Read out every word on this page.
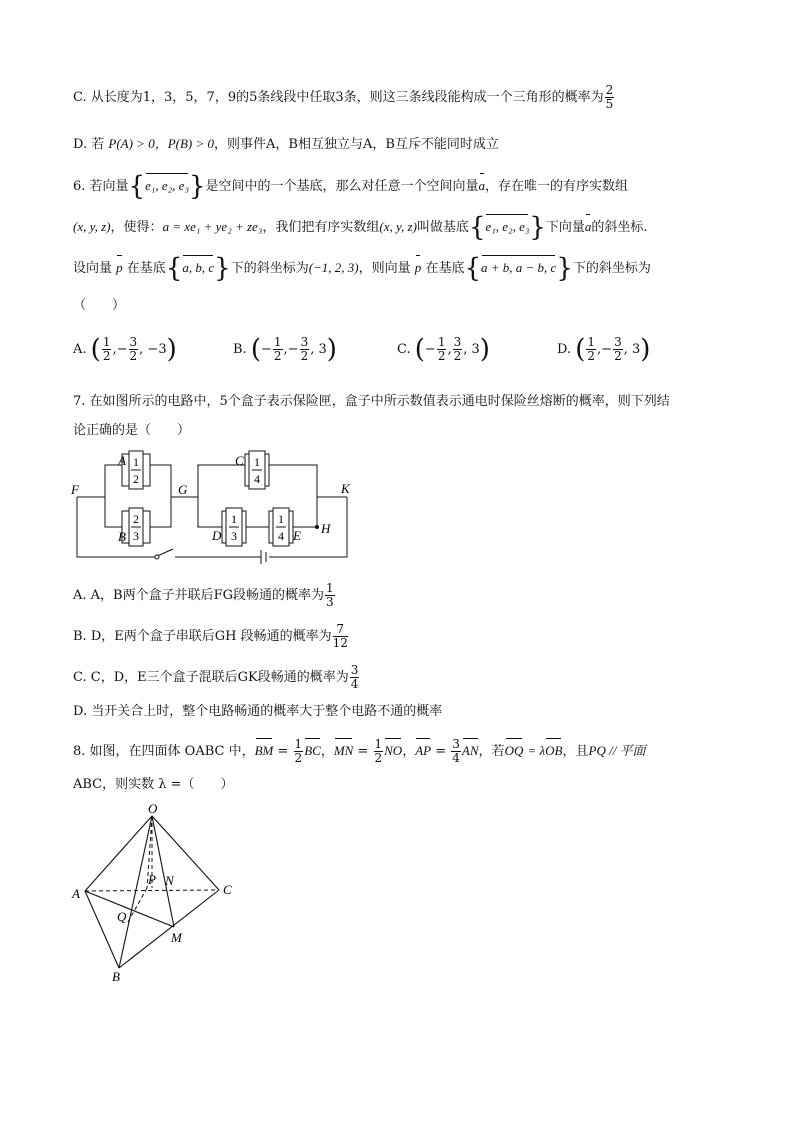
C. 从长度为1，3，5，7，9的5条线段中任取3条，则这三条线段能构成一个三角形的概率为 $\frac{2}{5}$
D. 若 P(A) > 0，P(B) > 0，则事件A，B相互独立与A，B互斥不能同时成立
6. 若向量{e₁, e₂, e₃}是空间中的一个基底，那么对任意一个空间向量a，存在唯一的有序实数组
(x, y, z)，使得：a = xe₁ + ye₂ + ze₃，我们把有序实数组(x, y, z)叫做基底{e₁, e₂, e₃}下向量a的斜坐标.
设向量 p 在基底{a, b, c}下的斜坐标为(−1, 2, 3)，则向量 p 在基底{a + b, a − b, c}下的斜坐标为
（　　）
A. ( $\frac{1}{2}$ ,− $\frac{3}{2}$ , −3)	B. (− $\frac{1}{2}$ ,− $\frac{3}{2}$ , 3)	C. (− $\frac{1}{2}$ , $\frac{3}{2}$ , 3)	D. ( $\frac{1}{2}$ ,− $\frac{3}{2}$ , 3)
7. 在如图所示的电路中，5个盒子表示保险匣，盒子中所示数值表示通电时保险丝熔断的概率，则下列结
论正确的是（　　）
1
2
2
3
1
4
1
3
1
4
A
B
C
D	E
F	G
H
K
A. A，B两个盒子并联后FG段畅通的概率为 $\frac{1}{3}$
B. D，E两个盒子串联后GH 段畅通的概率为 $\frac{7}{12}$
C. C，D，E三个盒子混联后GK段畅通的概率为 $\frac{3}{4}$
D. 当开关合上时，整个电路畅通的概率大于整个电路不通的概率
8. 如图，在四面体 OABC 中，BM = $\frac{1}{2}$ BC，MN = $\frac{1}{2}$ NO，AP = $\frac{3}{4}$ AN，若OQ = λOB，且PQ // 平面
ABC，则实数 λ =（　　）
O
A
B
C
P N
Q
M
